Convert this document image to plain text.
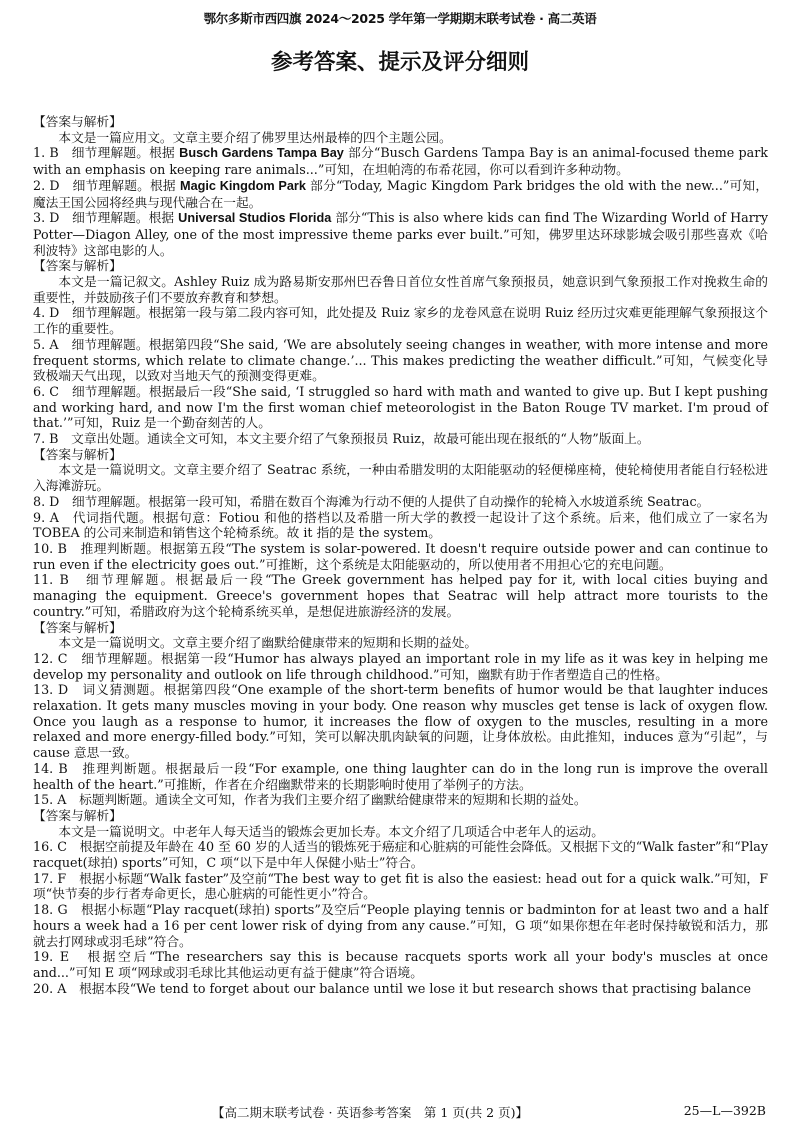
鄂尔多斯市西四旗 2024～2025 学年第一学期期末联考试卷 · 高二英语
参考答案、提示及评分细则

【答案与解析】

本文是一篇应用文。文章主要介绍了佛罗里达州最棒的四个主题公园。

1. B　 细节理解题。根据 Busch Gardens Tampa Bay 部分“Busch Gardens Tampa Bay is an animal-focused theme park with an emphasis on keeping rare animals...”可知，在坦帕湾的布希花园，你可以看到许多种动物。

2. D　 细节理解题。根据 Magic Kingdom Park 部分“Today, Magic Kingdom Park bridges the old with the new...”可知，魔法王国公园将经典与现代融合在一起。

3. D　 细节理解题。根据 Universal Studios Florida 部分“This is also where kids can find The Wizarding World of Harry Potter—Diagon Alley, one of the most impressive theme parks ever built.”可知，佛罗里达环球影城会吸引那些喜欢《哈利波特》这部电影的人。

【答案与解析】

本文是一篇记叙文。Ashley Ruiz 成为路易斯安那州巴吞鲁日首位女性首席气象预报员，她意识到气象预报工作对挽救生命的重要性，并鼓励孩子们不要放弃教育和梦想。

4. D　 细节理解题。根据第一段与第二段内容可知，此处提及 Ruiz 家乡的龙卷风意在说明 Ruiz 经历过灾难更能理解气象预报这个工作的重要性。

5. A　 细节理解题。根据第四段“She said, ‘We are absolutely seeing changes in weather, with more intense and more frequent storms, which relate to climate change.’... This makes predicting the weather difficult.”可知，气候变化导致极端天气出现，以致对当地天气的预测变得更难。

6. C　 细节理解题。根据最后一段“She said, ‘I struggled so hard with math and wanted to give up. But I kept pushing and working hard, and now I'm the first woman chief meteorologist in the Baton Rouge TV market. I'm proud of that.’”可知，Ruiz 是一个勤奋刻苦的人。

7. B　 文章出处题。通读全文可知，本文主要介绍了气象预报员 Ruiz，故最可能出现在报纸的“人物”版面上。

【答案与解析】

本文是一篇说明文。文章主要介绍了 Seatrac 系统，一种由希腊发明的太阳能驱动的轻便梯座椅，使轮椅使用者能自行轻松进入海滩游玩。

8. D　 细节理解题。根据第一段可知，希腊在数百个海滩为行动不便的人提供了自动操作的轮椅入水坡道系统 Seatrac。

9. A　 代词指代题。根据句意：Fotiou 和他的搭档以及希腊一所大学的教授一起设计了这个系统。后来，他们成立了一家名为 TOBEA 的公司来制造和销售这个轮椅系统。故 it 指的是 the system。

10. B　 推理判断题。根据第五段“The system is solar-powered. It doesn't require outside power and can continue to run even if the electricity goes out.”可推断，这个系统是太阳能驱动的，所以使用者不用担心它的充电问题。

11. B　 细节理解题。根据最后一段“The Greek government has helped pay for it, with local cities buying and managing the equipment. Greece's government hopes that Seatrac will help attract more tourists to the country.”可知，希腊政府为这个轮椅系统买单，是想促进旅游经济的发展。

【答案与解析】

本文是一篇说明文。文章主要介绍了幽默给健康带来的短期和长期的益处。

12. C　 细节理解题。根据第一段“Humor has always played an important role in my life as it was key in helping me develop my personality and outlook on life through childhood.”可知，幽默有助于作者塑造自己的性格。

13. D　 词义猜测题。根据第四段“One example of the short-term benefits of humor would be that laughter induces relaxation. It gets many muscles moving in your body. One reason why muscles get tense is lack of oxygen flow. Once you laugh as a response to humor, it increases the flow of oxygen to the muscles, resulting in a more relaxed and more energy-filled body.”可知，笑可以解决肌肉缺氧的问题，让身体放松。由此推知，induces 意为“引起”，与 cause 意思一致。

14. B　 推理判断题。根据最后一段“For example, one thing laughter can do in the long run is improve the overall health of the heart.”可推断，作者在介绍幽默带来的长期影响时使用了举例子的方法。

15. A　 标题判断题。通读全文可知，作者为我们主要介绍了幽默给健康带来的短期和长期的益处。

【答案与解析】

本文是一篇说明文。中老年人每天适当的锻炼会更加长寿。本文介绍了几项适合中老年人的运动。

16. C　 根据空前提及年龄在 40 至 60 岁的人适当的锻炼死于癌症和心脏病的可能性会降低。又根据下文的“Walk faster”和“Play racquet(球拍) sports”可知，C 项“以下是中年人保健小贴士”符合。

17. F　 根据小标题“Walk faster”及空前“The best way to get fit is also the easiest: head out for a quick walk.”可知，F 项“快节奏的步行者寿命更长，患心脏病的可能性更小”符合。

18. G　 根据小标题“Play racquet(球拍) sports”及空后“People playing tennis or badminton for at least two and a half hours a week had a 16 per cent lower risk of dying from any cause.”可知，G 项“如果你想在年老时保持敏锐和活力，那就去打网球或羽毛球”符合。

19. E　 根据空后“The researchers say this is because racquets sports work all your body's muscles at once and...”可知 E 项“网球或羽毛球比其他运动更有益于健康”符合语境。

20. A　 根据本段“We tend to forget about our balance until we lose it but research shows that practising balance

【高二期末联考试卷 · 英语参考答案　第 1 页(共 2 页)】	25—L—392B
